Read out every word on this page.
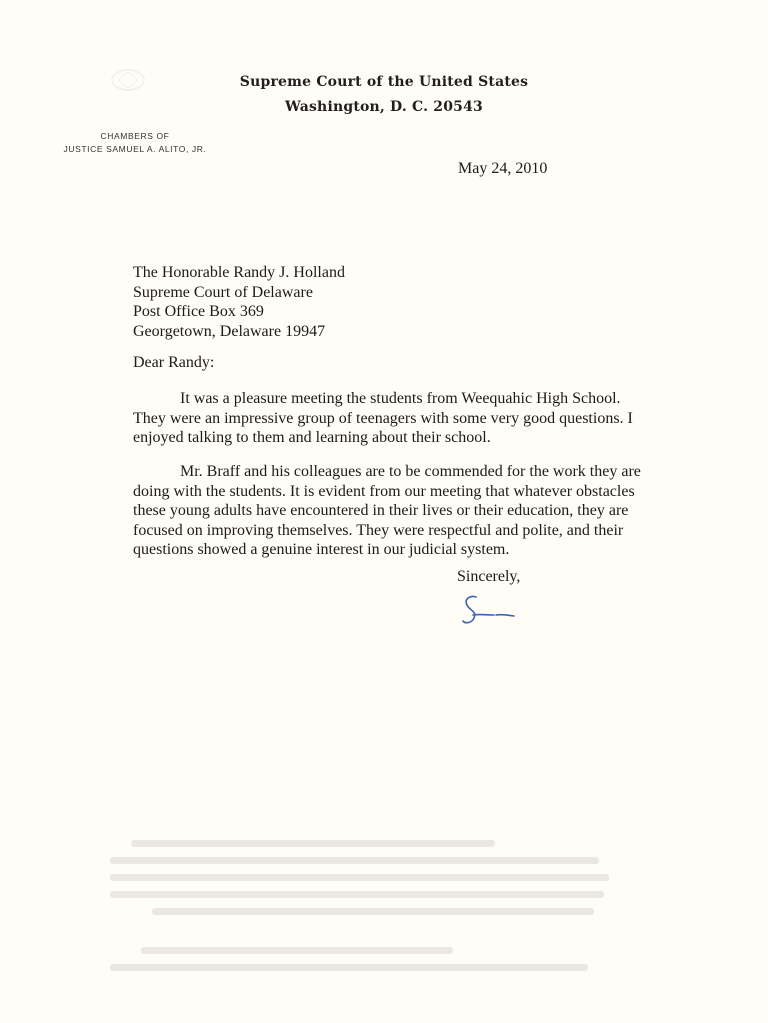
Supreme Court of the United States
Washington, D. C. 20543
CHAMBERS OF
JUSTICE SAMUEL A. ALITO, JR.
May 24, 2010
The Honorable Randy J. Holland
Supreme Court of Delaware
Post Office Box 369
Georgetown, Delaware 19947
Dear Randy:

It was a pleasure meeting the students from Weequahic High School. They were an impressive group of teenagers with some very good questions. I enjoyed talking to them and learning about their school.

Mr. Braff and his colleagues are to be commended for the work they are doing with the students. It is evident from our meeting that whatever obstacles these young adults have encountered in their lives or their education, they are focused on improving themselves. They were respectful and polite, and their questions showed a genuine interest in our judicial system.

Sincerely,
